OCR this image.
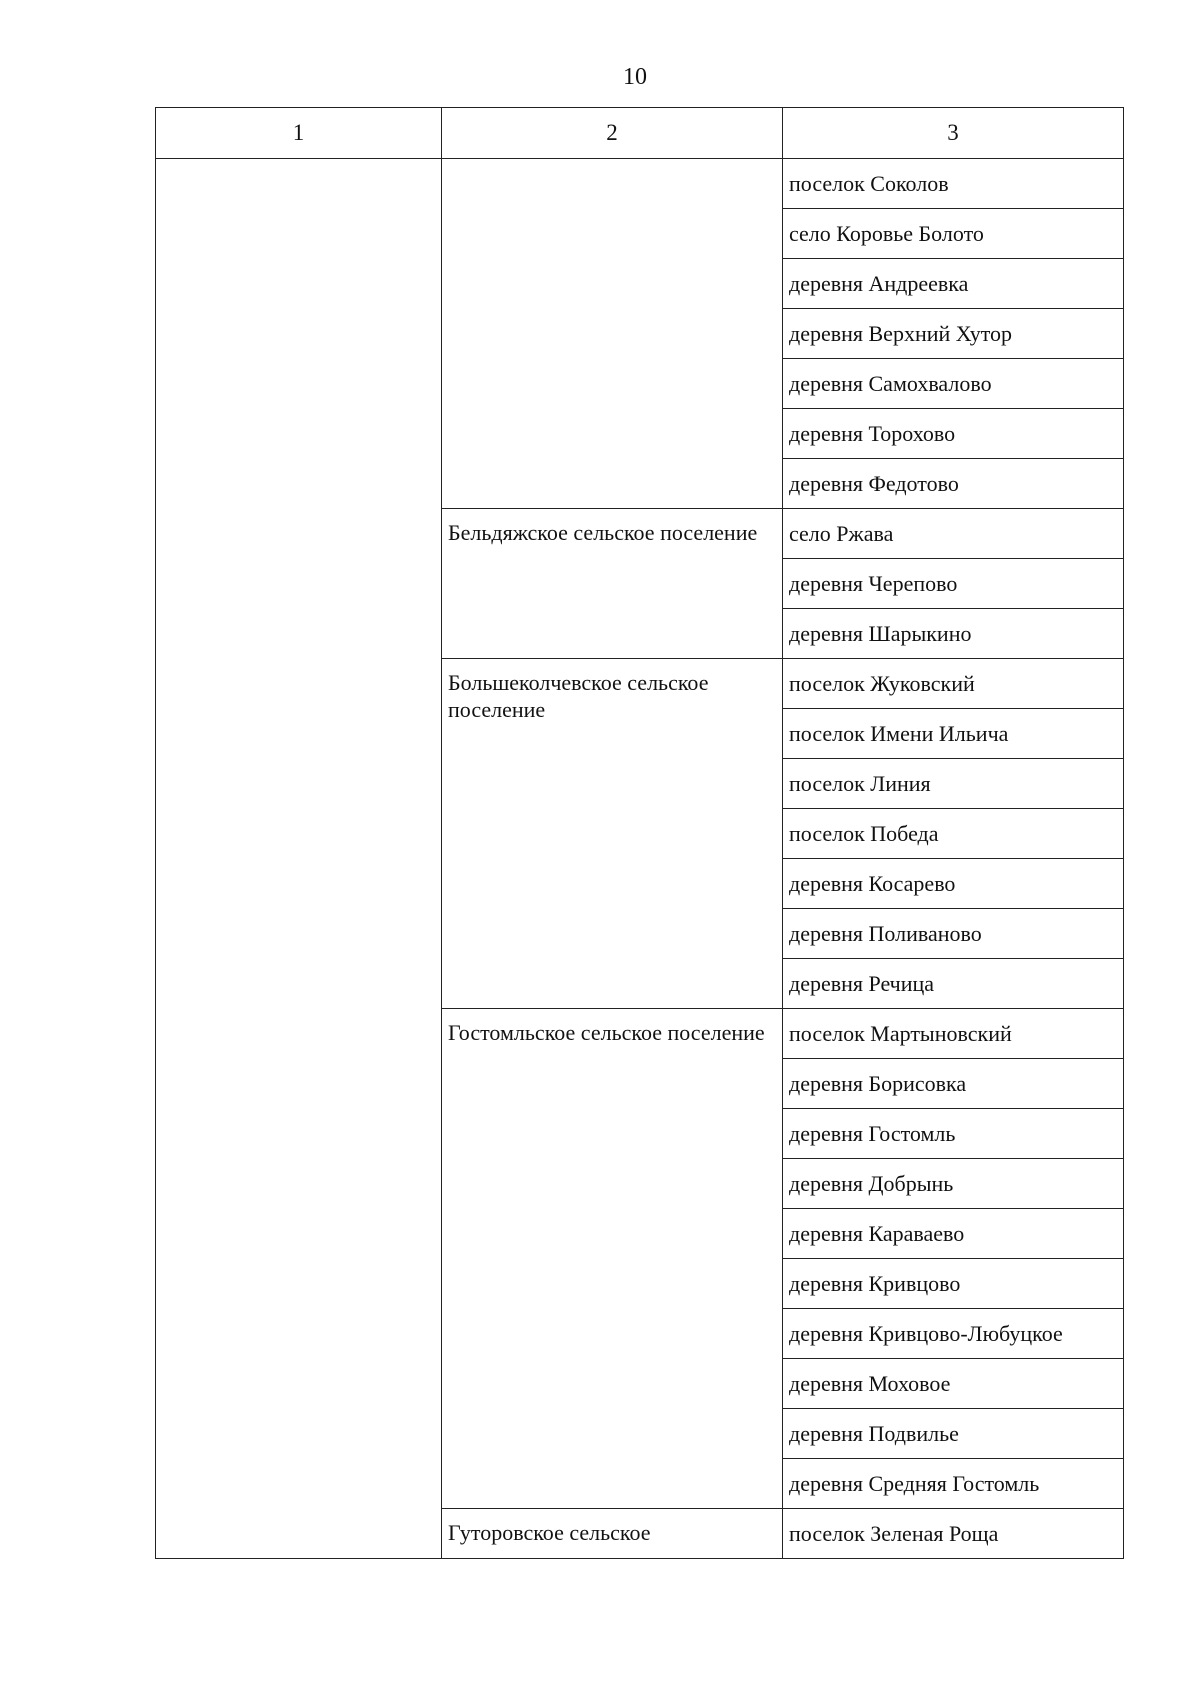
10
1	2	3
		поселок Соколов
		село Коровье Болото
		деревня Андреевка
		деревня Верхний Хутор
		деревня Самохвалово
		деревня Торохово
		деревня Федотово
	Бельдяжское сельское поселение	село Ржава
		деревня Черепово
		деревня Шарыкино
	Большеколчевское сельское поселение	поселок Жуковский
		поселок Имени Ильича
		поселок Линия
		поселок Победа
		деревня Косарево
		деревня Поливаново
		деревня Речица
	Гостомльское сельское поселение	поселок Мартыновский
		деревня Борисовка
		деревня Гостомль
		деревня Добрынь
		деревня Караваево
		деревня Кривцово
		деревня Кривцово-Любуцкое
		деревня Моховое
		деревня Подвилье
		деревня Средняя Гостомль
	Гуторовское сельское	поселок Зеленая Роща
